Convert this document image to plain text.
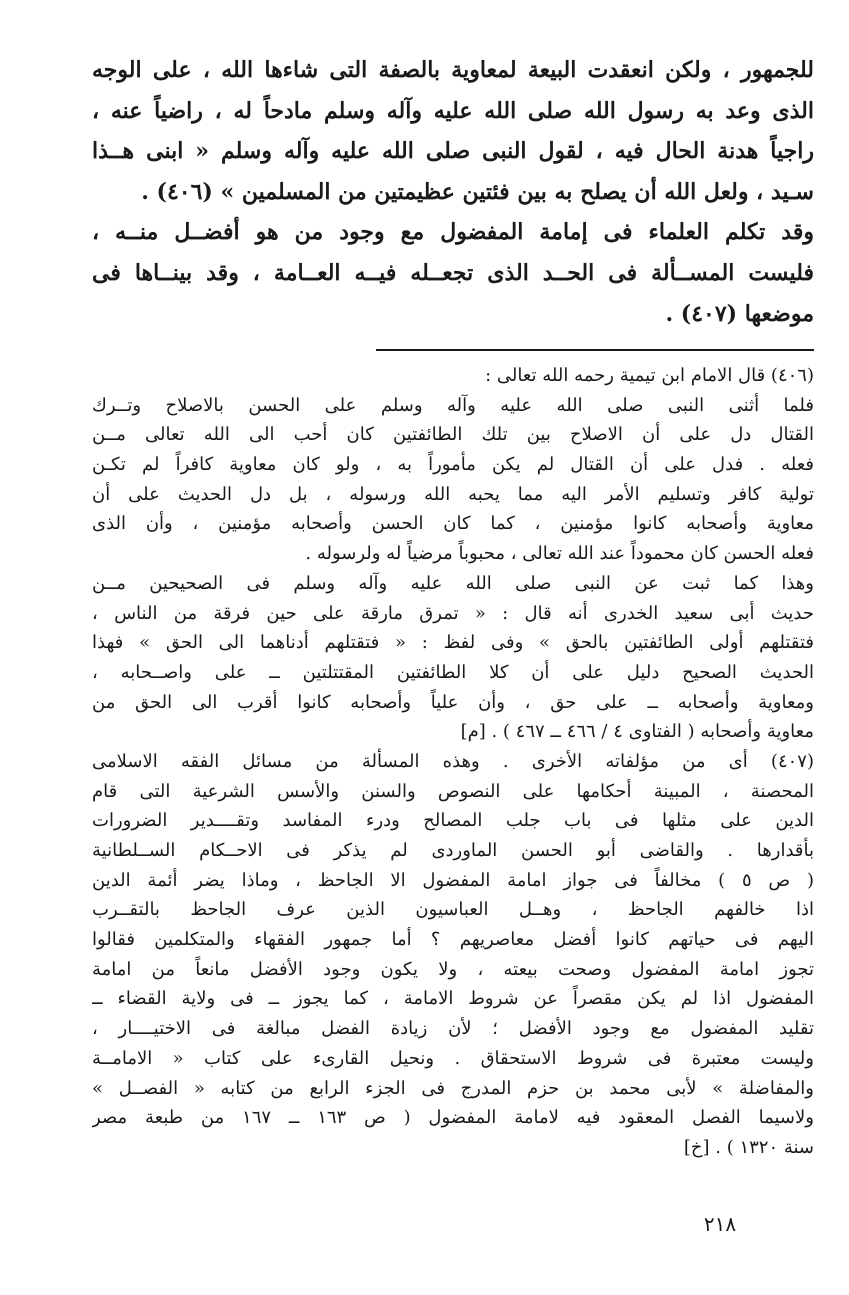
للجمهور ، ولكن انعقدت البيعة لمعاوية بالصفة التى شاءها الله ، على الوجه
الذى وعد به رسول الله صلى الله عليه وآله وسلم مادحاً له ، راضياً عنه ،
راجياً هدنة الحال فيه ، لقول النبى صلى الله عليه وآله وسلم « ابنى هــذا
سـيد ، ولعل الله أن يصلح به بين فئتين عظيمتين من المسلمين » (٤٠٦) .
وقد تكلم العلماء فى إمامة المفضول مع وجود من هو أفضــل منــه ،
فليست المســألة فى الحــد الذى تجعــله فيــه العــامة ، وقد بينــاها فى
موضعها (٤٠٧) .
(٤٠٦) قال الامام ابن تيمية رحمه الله تعالى :
فلما أثنى النبى صلى الله عليه وآله وسلم على الحسن بالاصلاح وتــرك
القتال دل على أن الاصلاح بين تلك الطائفتين كان أحب الى الله تعالى مــن
فعله . فدل على أن القتال لم يكن مأموراً به ، ولو كان معاوية كافراً لم تكـن
تولية كافر وتسليم الأمر اليه مما يحبه الله ورسوله ، بل دل الحديث على أن
معاوية وأصحابه كانوا مؤمنين ، كما كان الحسن وأصحابه مؤمنين ، وأن الذى
فعله الحسن كان محموداً عند الله تعالى ، محبوباً مرضياً له ولرسوله .
وهذا كما ثبت عن النبى صلى الله عليه وآله وسلم فى الصحيحين مــن
حديث أبى سعيد الخدرى أنه قال : « تمرق مارقة على حين فرقة من الناس ،
فتقتلهم أولى الطائفتين بالحق » وفى لفظ : « فتقتلهم أدناهما الى الحق » فهذا
الحديث الصحيح دليل على أن كلا الطائفتين المقتتلتين ــ على واصــحابه ،
ومعاوية وأصحابه ــ على حق ، وأن علياً وأصحابه كانوا أقرب الى الحق من
معاوية وأصحابه ( الفتاوى ٤ / ٤٦٦ ــ ٤٦٧ ) . [م]
(٤٠٧) أى من مؤلفاته الأخرى . وهذه المسألة من مسائل الفقه الاسلامى
المحصنة ، المبينة أحكامها على النصوص والسنن والأسس الشرعية التى قام
الدين على مثلها فى باب جلب المصالح ودرء المفاسد وتقــــدير الضرورات
بأقدارها . والقاضى أبو الحسن الماوردى لم يذكر فى الاحــكام الســلطانية
( ص ٥ ) مخالفاً فى جواز امامة المفضول الا الجاحظ ، وماذا يضر أئمة الدين
اذا خالفهم الجاحظ ، وهــل العباسيون الذين عرف الجاحظ بالتقــرب
اليهم فى حياتهم كانوا أفضل معاصريهم ؟ أما جمهور الفقهاء والمتكلمين فقالوا
تجوز امامة المفضول وصحت بيعته ، ولا يكون وجود الأفضل مانعاً من امامة
المفضول اذا لم يكن مقصراً عن شروط الامامة ، كما يجوز ــ فى ولاية القضاء ــ
تقليد المفضول مع وجود الأفضل ؛ لأن زيادة الفضل مبالغة فى الاختيــــار ،
وليست معتبرة فى شروط الاستحقاق . ونحيل القارىء على كتاب « الامامــة
والمفاضلة » لأبى محمد بن حزم المدرج فى الجزء الرابع من كتابه « الفصــل »
ولاسيما الفصل المعقود فيه لامامة المفضول ( ص ١٦٣ ــ ١٦٧ من طبعة مصر
سنة ١٣٢٠ ) . [خ]
٢١٨
